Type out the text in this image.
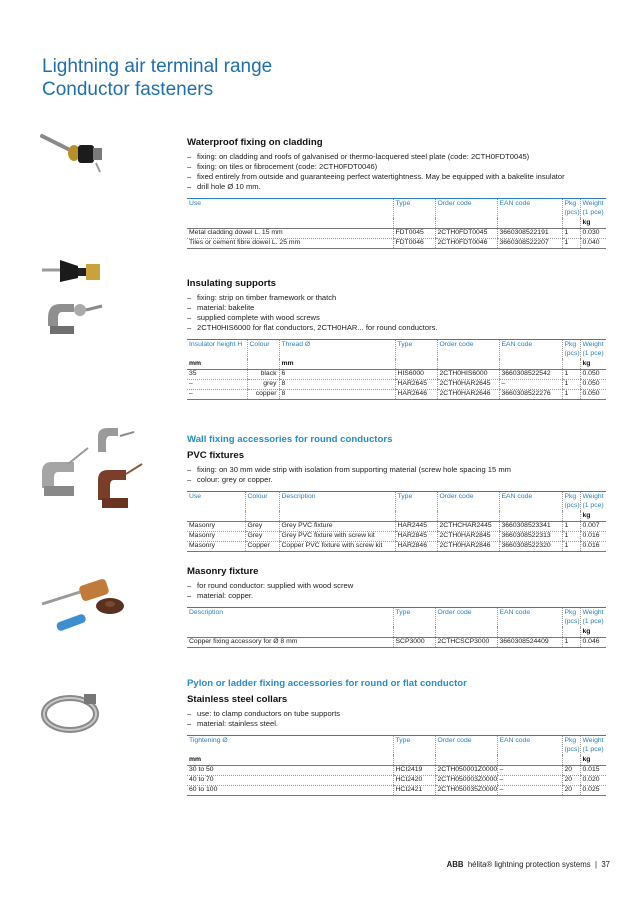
Lightning air terminal range
Conductor fasteners
Waterproof fixing on cladding
– fixing: on cladding and roofs of galvanised or thermo-lacquered steel plate (code: 2CTH0FDT0045)
– fixing: on tiles or fibrocement (code: 2CTH0FDT0046)
– fixed entirely from outside and guaranteeing perfect watertightness. May be equipped with a bakelite insulator
– drill hole Ø 10 mm.
Use	Type	Order code	EAN code	Pkg (pcs)	Weight (1 pce)
					kg
Metal cladding dowel L. 15 mm	FDT0045	2CTH0FDT0045	3660308522191	1	0.030
Tiles or cement fibre dowel L. 25 mm	FDT0046	2CTH0FDT0046	3660308522207	1	0.040
Insulating supports
– fixing: strip on timber framework or thatch
– material: bakelite
– supplied complete with wood screws
– 2CTH0HIS6000 for flat conductors, 2CTH0HAR... for round conductors.
Insulator height H	Colour	Thread Ø	Type	Order code	EAN code	Pkg (pcs)	Weight (1 pce)
mm		mm					kg
35	black	6	HIS6000	2CTH0HIS6000	3660308522542	1	0.050
–	grey	8	HAR2645	2CTH0HAR2645	–	1	0.050
–	copper	8	HAR2646	2CTH0HAR2646	3660308522276	1	0.050
Wall fixing accessories for round conductors
PVC fixtures
– fixing: on 30 mm wide strip with isolation from supporting material (screw hole spacing 15 mm
– colour: grey or copper.
Use	Colour	Description	Type	Order code	EAN code	Pkg (pcs)	Weight (1 pce)
							kg
Masonry	Grey	Grey PVC fixture	HAR2445	2CTHCHAR2445	3660308523341	1	0.007
Masonry	Grey	Grey PVC fixture with screw kit	HAR2845	2CTH0HAR2845	3660308522313	1	0.016
Masonry	Copper	Copper PVC fixture with screw kit	HAR2846	2CTH0HAR2846	3660308522320	1	0.016
Masonry fixture
– for round conductor: supplied with wood screw
– material: copper.
Description	Type	Order code	EAN code	Pkg (pcs)	Weight (1 pce)
					kg
Copper fixing accessory for Ø 8 mm	SCP3000	2CTHCSCP3000	3660308524409	1	0.046
Pylon or ladder fixing accessories for round or flat conductor
Stainless steel collars
– use: to clamp conductors on tube supports
– material: stainless steel.
Tightening Ø	Type	Order code	EAN code	Pkg (pcs)	Weight (1 pce)
mm					kg
30 to 50	HCI2419	2CTH050001Z0000	–	20	0.015
40 to 70	HCI2420	2CTH050003Z0000	–	20	0.020
60 to 100	HCI2421	2CTH050035Z0000	–	20	0.025
ABB hélita® lightning protection systems | 37
